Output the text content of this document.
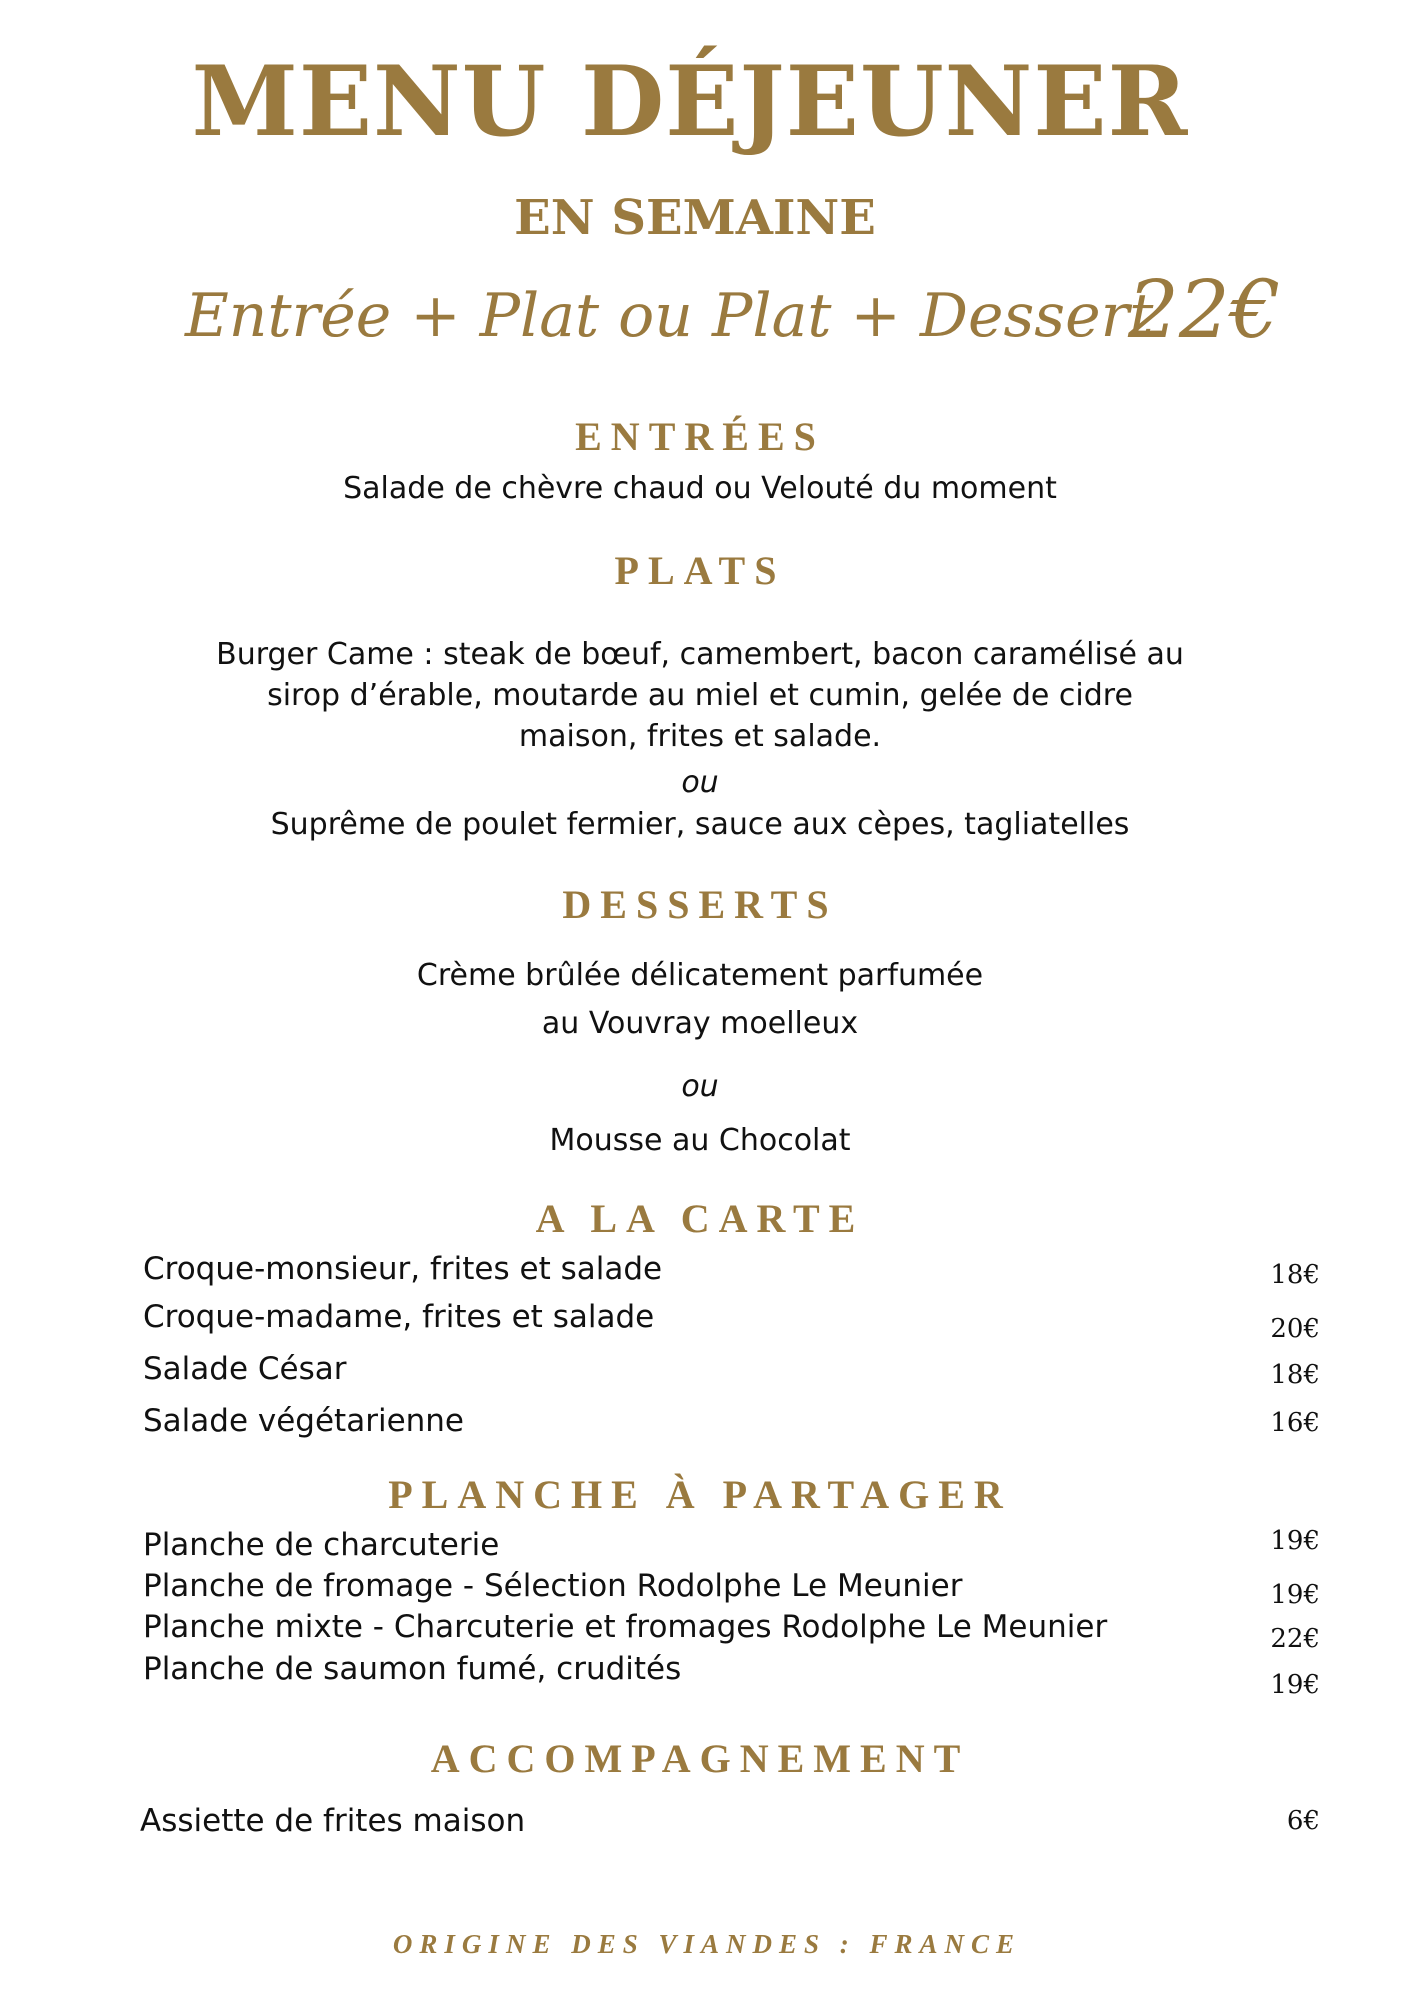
MENU DÉJEUNER
EN SEMAINE
Entrée + Plat ou Plat + Dessert
22€
ENTRÉES
Salade de chèvre chaud ou Velouté du moment
PLATS
Burger Came : steak de bœuf, camembert, bacon caramélisé au
sirop d’érable, moutarde au miel et cumin, gelée de cidre
maison, frites et salade.
ou
Suprême de poulet fermier, sauce aux cèpes, tagliatelles
DESSERTS
Crème brûlée délicatement parfumée
au Vouvray moelleux
ou
Mousse au Chocolat
A LA CARTE
Croque-monsieur, frites et salade	18€
Croque-madame, frites et salade	20€
Salade César	18€
Salade végétarienne	16€
PLANCHE À PARTAGER
Planche de charcuterie	19€
Planche de fromage - Sélection Rodolphe Le Meunier	19€
Planche mixte - Charcuterie et fromages Rodolphe Le Meunier	22€
Planche de saumon fumé, crudités	19€
ACCOMPAGNEMENT
Assiette de frites maison	6€
ORIGINE DES VIANDES : FRANCE
